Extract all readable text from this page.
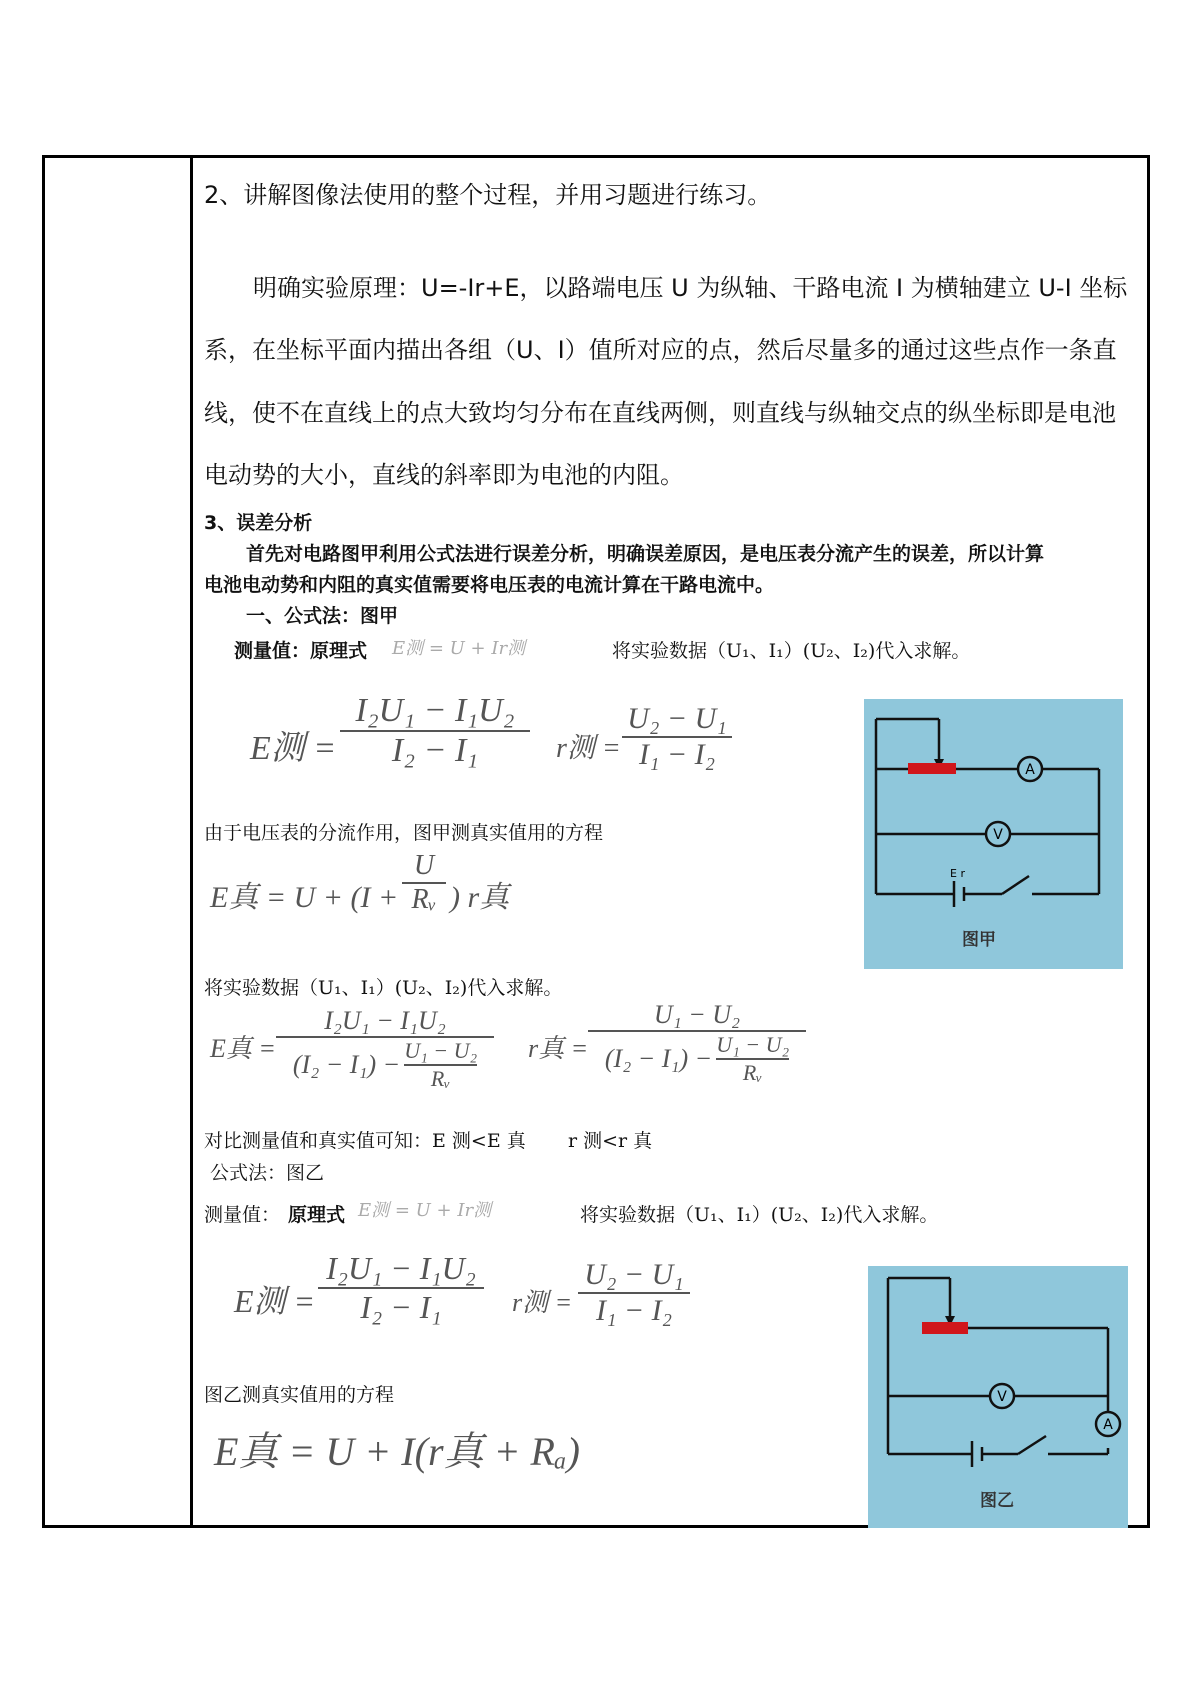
2、讲解图像法使用的整个过程，并用习题进行练习。
明确实验原理：U=-Ir+E，以路端电压 U 为纵轴、干路电流 I 为横轴建立 U-I 坐标
系，在坐标平面内描出各组（U、I）值所对应的点，然后尽量多的通过这些点作一条直
线，使不在直线上的点大致均匀分布在直线两侧，则直线与纵轴交点的纵坐标即是电池
电动势的大小，直线的斜率即为电池的内阻。
3、误差分析
首先对电路图甲利用公式法进行误差分析，明确误差原因，是电压表分流产生的误差，所以计算
电池电动势和内阻的真实值需要将电压表的电流计算在干路电流中。
一、公式法：图甲
测量值：原理式 E测 = U + Ir测	将实验数据（U₁、I₁）(U₂、I₂)代入求解。
E测 =
I₂U₁ − I₁U₂
I₂ − I₁	r测 =
U₂ − U₁
I₁ − I₂
由于电压表的分流作用，图甲测真实值用的方程
E真 = U + (I +
U
Rᵥ ) r真
将实验数据（U₁、I₁）(U₂、I₂)代入求解。
E真 =
I₂U₁ − I₁U₂
(I₂ − I₁) − U₁ − U₂
Rᵥ
r真 =
U₁ − U₂
(I₂ − I₁) − U₁ − U₂
Rᵥ
对比测量值和真实值可知：E 测<E 真 r 测<r 真
公式法：图乙
测量值： 原理式 E测 = U + Ir测	将实验数据（U₁、I₁）(U₂、I₂)代入求解。
E测 =
I₂U₁ − I₁U₂
I₂ − I₁	r测 =
U₂ − U₁
I₁ − I₂
图乙测真实值用的方程
E真 = U + I(r真 + Rₐ)
A
V
E r
图甲
V
A
图乙
